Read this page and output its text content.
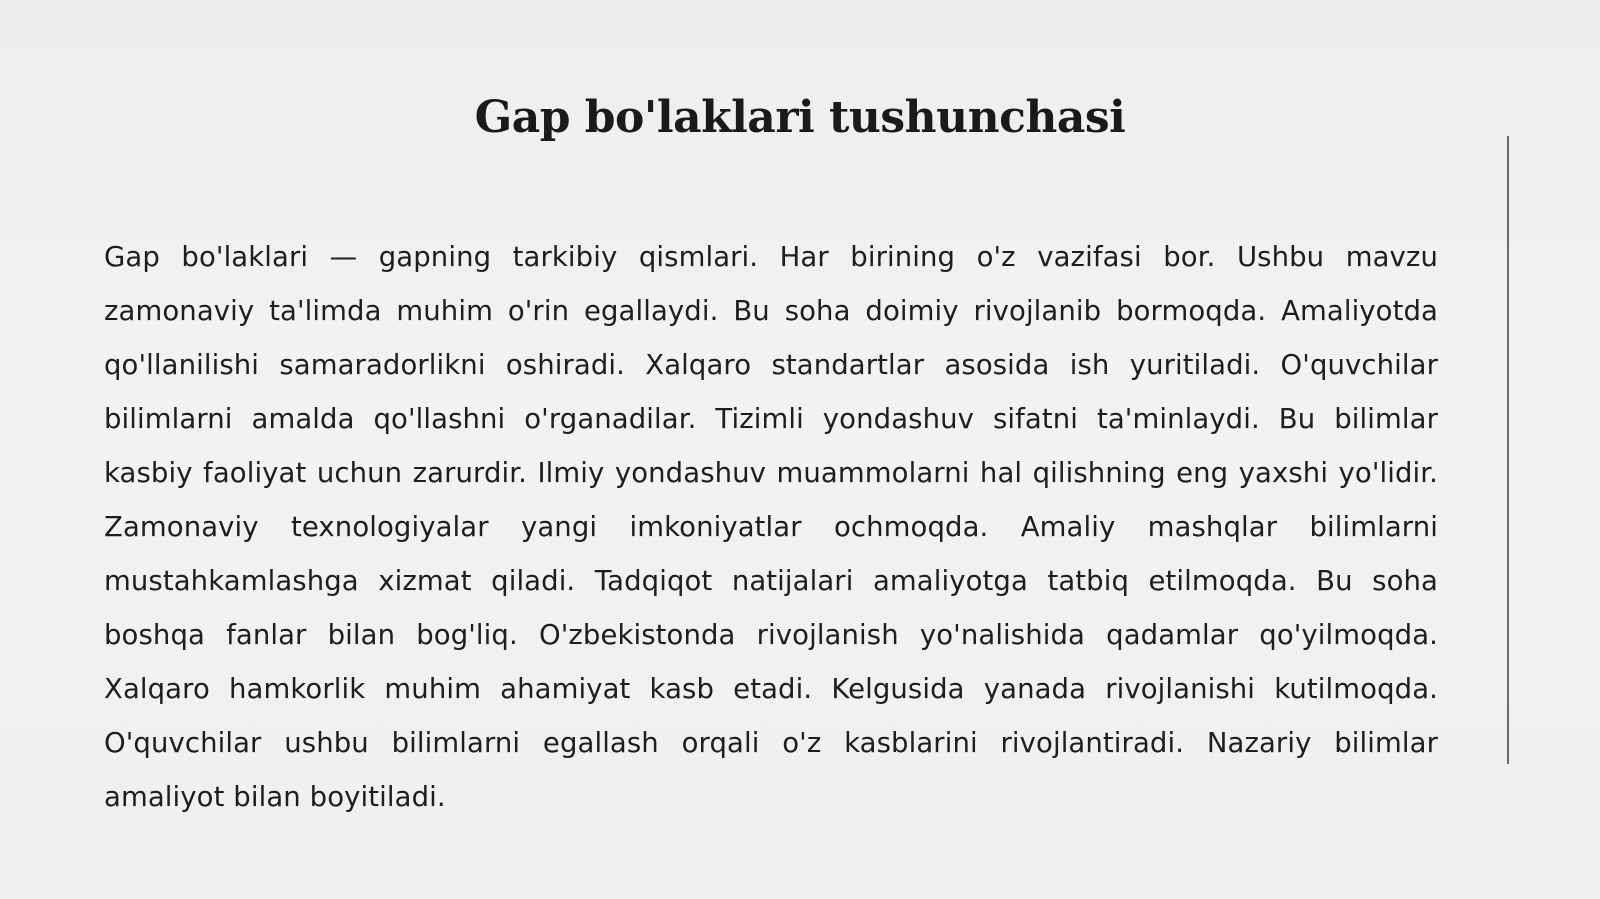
Gap bo'laklari tushunchasi

Gap bo'laklari — gapning tarkibiy qismlari. Har birining o'z vazifasi bor. Ushbu mavzu zamonaviy ta'limda muhim o'rin egallaydi. Bu soha doimiy rivojlanib bormoqda. Amaliyotda qo'llanilishi samaradorlikni oshiradi. Xalqaro standartlar asosida ish yuritiladi. O'quvchilar bilimlarni amalda qo'llashni o'rganadilar. Tizimli yondashuv sifatni ta'minlaydi. Bu bilimlar kasbiy faoliyat uchun zarurdir. Ilmiy yondashuv muammolarni hal qilishning eng yaxshi yo'lidir. Zamonaviy texnologiyalar yangi imkoniyatlar ochmoqda. Amaliy mashqlar bilimlarni mustahkamlashga xizmat qiladi. Tadqiqot natijalari amaliyotga tatbiq etilmoqda. Bu soha boshqa fanlar bilan bog'liq. O'zbekistonda rivojlanish yo'nalishida qadamlar qo'yilmoqda. Xalqaro hamkorlik muhim ahamiyat kasb etadi. Kelgusida yanada rivojlanishi kutilmoqda. O'quvchilar ushbu bilimlarni egallash orqali o'z kasblarini rivojlantiradi. Nazariy bilimlar amaliyot bilan boyitiladi.
